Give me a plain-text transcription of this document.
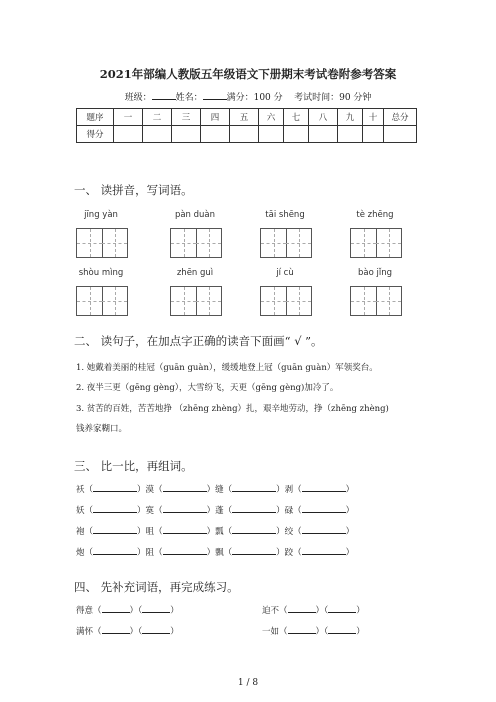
2021年部编人教版五年级语文下册期末考试卷附参考答案
班级：	姓名：	满分：100 分 考试时间：90 分钟
题序	一	二	三	四	五	六	七	八	九	十	总分
得分											
一、 读拼音，写词语。
jīng yàn	pàn duàn	tāi shēng	tè zhēng
shòu mìng	zhēn guì	jí cù	bào jǐng
二、 读句子，在加点字正确的读音下面画“ √ ”。
1. 她戴着美丽的桂冠（guān guàn），缓缓地登上冠（guān guàn）军领奖台。
2. 夜半三更（gēng gèng），大雪纷飞，天更（gēng gèng)加冷了。
3. 贫苦的百姓，苦苦地挣 （zhēng zhèng）扎，艰辛地劳动，挣（zhēng zhèng)
钱养家糊口。
三、 比一比，再组词。
袄（	）漠（	）缝（	）剥（	）
妖（	）寞（	）蓬（	）碌（	）
袍（	）咀（	）瓢（	）绞（	）
炮（	）阻（	）飘（	）跤（	）
四、 先补充词语，再完成练习。
得意（	）（	）	迫不（	）（	）
满怀（	）（	）	一如（	）（	）
1 / 8
